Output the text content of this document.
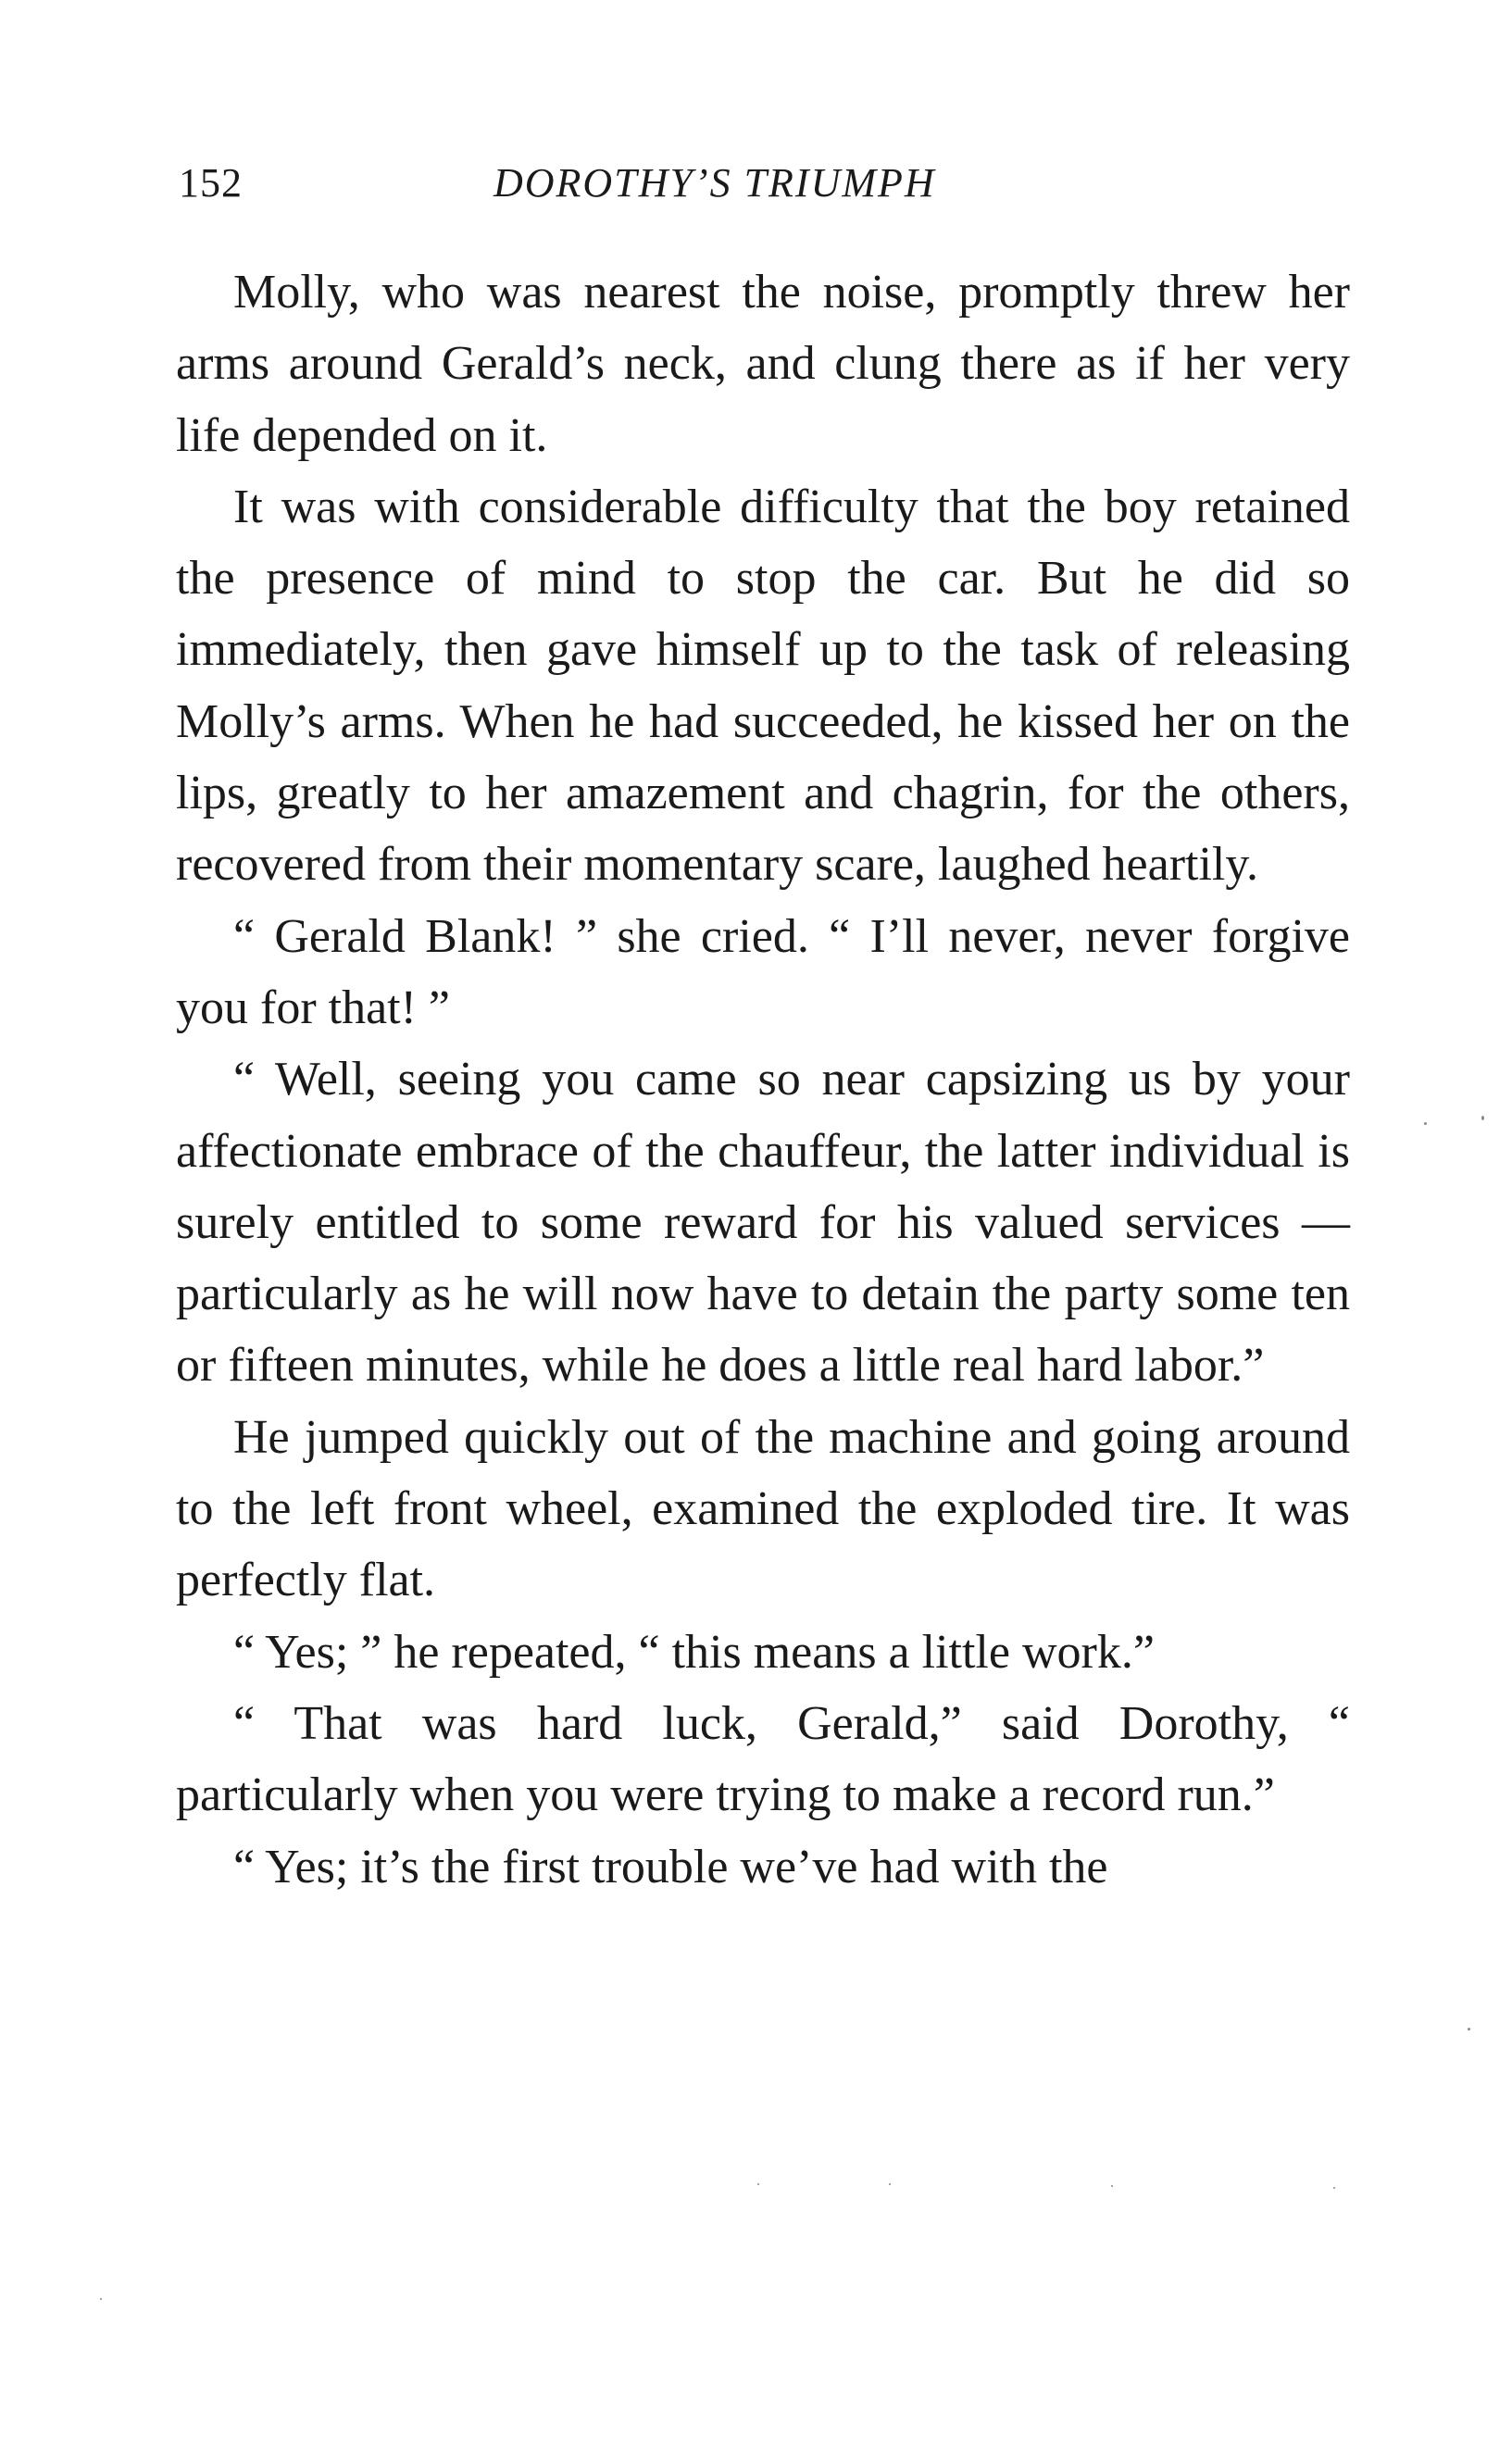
152	DOROTHY’S TRIUMPH

Molly, who was nearest the noise, promptly threw her arms around Gerald’s neck, and clung there as if her very life depended on it.

It was with considerable difficulty that the boy retained the presence of mind to stop the car. But he did so immediately, then gave himself up to the task of releasing Molly’s arms. When he had succeeded, he kissed her on the lips, greatly to her amazement and chagrin, for the others, recovered from their momentary scare, laughed heartily.

“ Gerald Blank! ” she cried. “ I’ll never, never forgive you for that! ”

“ Well, seeing you came so near capsizing us by your affectionate embrace of the chauffeur, the latter individual is surely entitled to some reward for his valued services — particularly as he will now have to detain the party some ten or fifteen minutes, while he does a little real hard labor.”

He jumped quickly out of the machine and going around to the left front wheel, examined the exploded tire. It was perfectly flat.

“ Yes; ” he repeated, “ this means a little work.”

“ That was hard luck, Gerald,” said Dorothy, “ particularly when you were trying to make a record run.”

“ Yes; it’s the first trouble we’ve had with the
